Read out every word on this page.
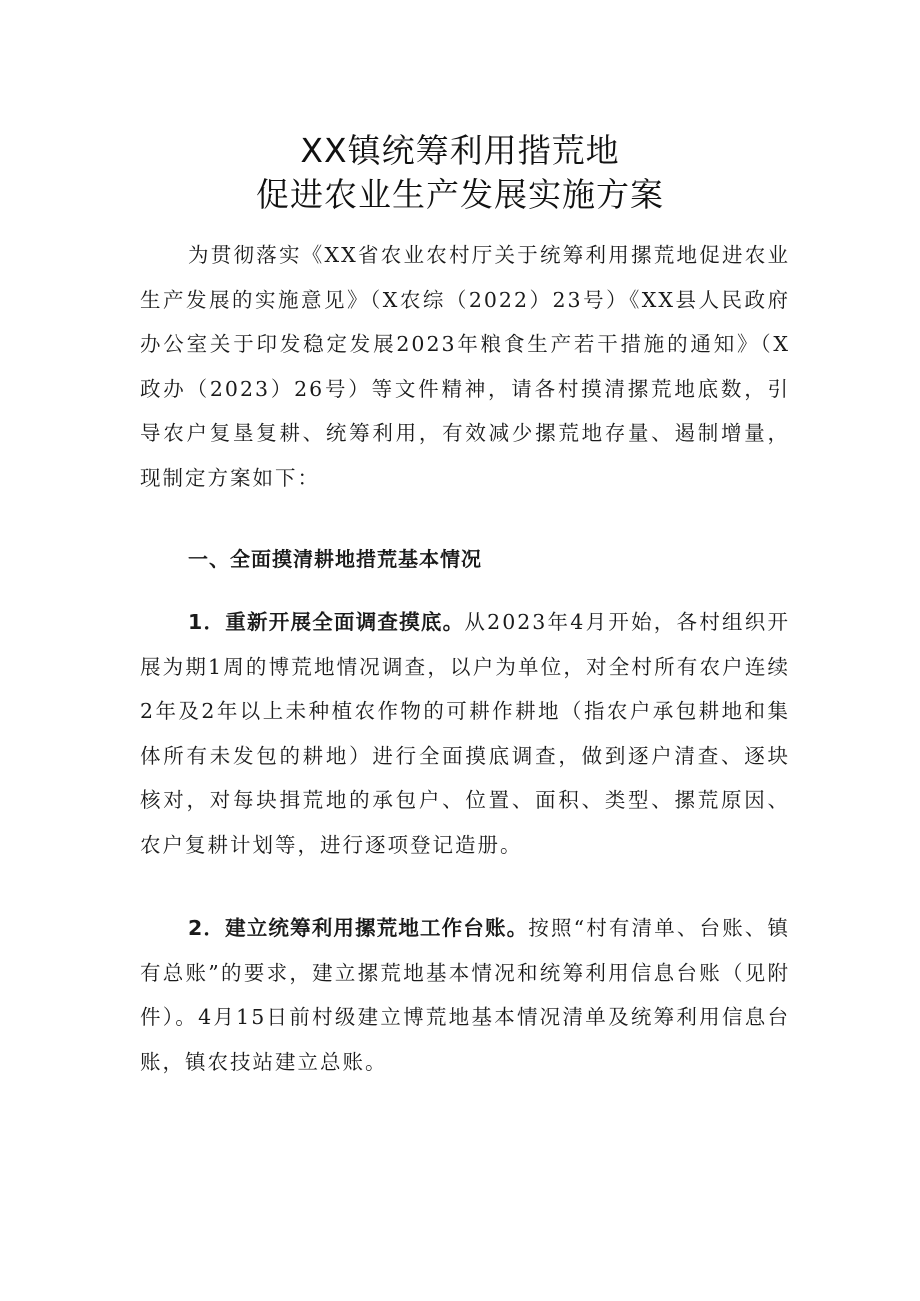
XX镇统筹利用揩荒地
促进农业生产发展实施方案

为贯彻落实《XX省农业农村厅关于统筹利用摞荒地促进农业生产发展的实施意见》（X农综（2022）23号）《XX县人民政府办公室关于印发稳定发展2023年粮食生产若干措施的通知》（X政办（2023）26号）等文件精神，请各村摸清摞荒地底数，引导农户复垦复耕、统筹利用，有效减少摞荒地存量、遏制增量，现制定方案如下：

一、全面摸清耕地措荒基本情况

1．重新开展全面调查摸底。从2023年4月开始，各村组织开展为期1周的博荒地情况调查，以户为单位，对全村所有农户连续2年及2年以上未种植农作物的可耕作耕地（指农户承包耕地和集体所有未发包的耕地）进行全面摸底调查，做到逐户清查、逐块核对，对每块揖荒地的承包户、位置、面积、类型、摞荒原因、农户复耕计划等，进行逐项登记造册。

2．建立统筹利用摞荒地工作台账。按照“村有清单、台账、镇有总账”的要求，建立摞荒地基本情况和统筹利用信息台账（见附件）。4月15日前村级建立博荒地基本情况清单及统筹利用信息台账，镇农技站建立总账。
